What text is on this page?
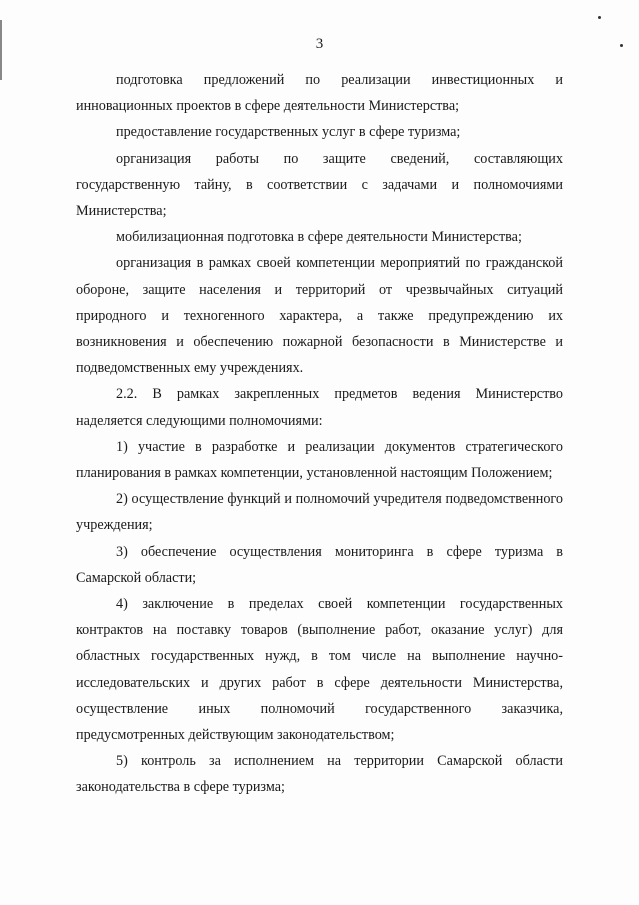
3

подготовка предложений по реализации инвестиционных и инновационных проектов в сфере деятельности Министерства;

предоставление государственных услуг в сфере туризма;

организация работы по защите сведений, составляющих государственную тайну, в соответствии с задачами и полномочиями Министерства;

мобилизационная подготовка в сфере деятельности Министерства;

организация в рамках своей компетенции мероприятий по гражданской обороне, защите населения и территорий от чрезвычайных ситуаций природного и техногенного характера, а также предупреждению их возникновения и обеспечению пожарной безопасности в Министерстве и подведомственных ему учреждениях.

2.2. В рамках закрепленных предметов ведения Министерство наделяется следующими полномочиями:

1) участие в разработке и реализации документов стратегического планирования в рамках компетенции, установленной настоящим Положением;

2) осуществление функций и полномочий учредителя подведомственного учреждения;

3) обеспечение осуществления мониторинга в сфере туризма в Самарской области;

4) заключение в пределах своей компетенции государственных контрактов на поставку товаров (выполнение работ, оказание услуг) для областных государственных нужд, в том числе на выполнение научно-исследовательских и других работ в сфере деятельности Министерства, осуществление иных полномочий государственного заказчика, предусмотренных действующим законодательством;

5) контроль за исполнением на территории Самарской области законодательства в сфере туризма;
